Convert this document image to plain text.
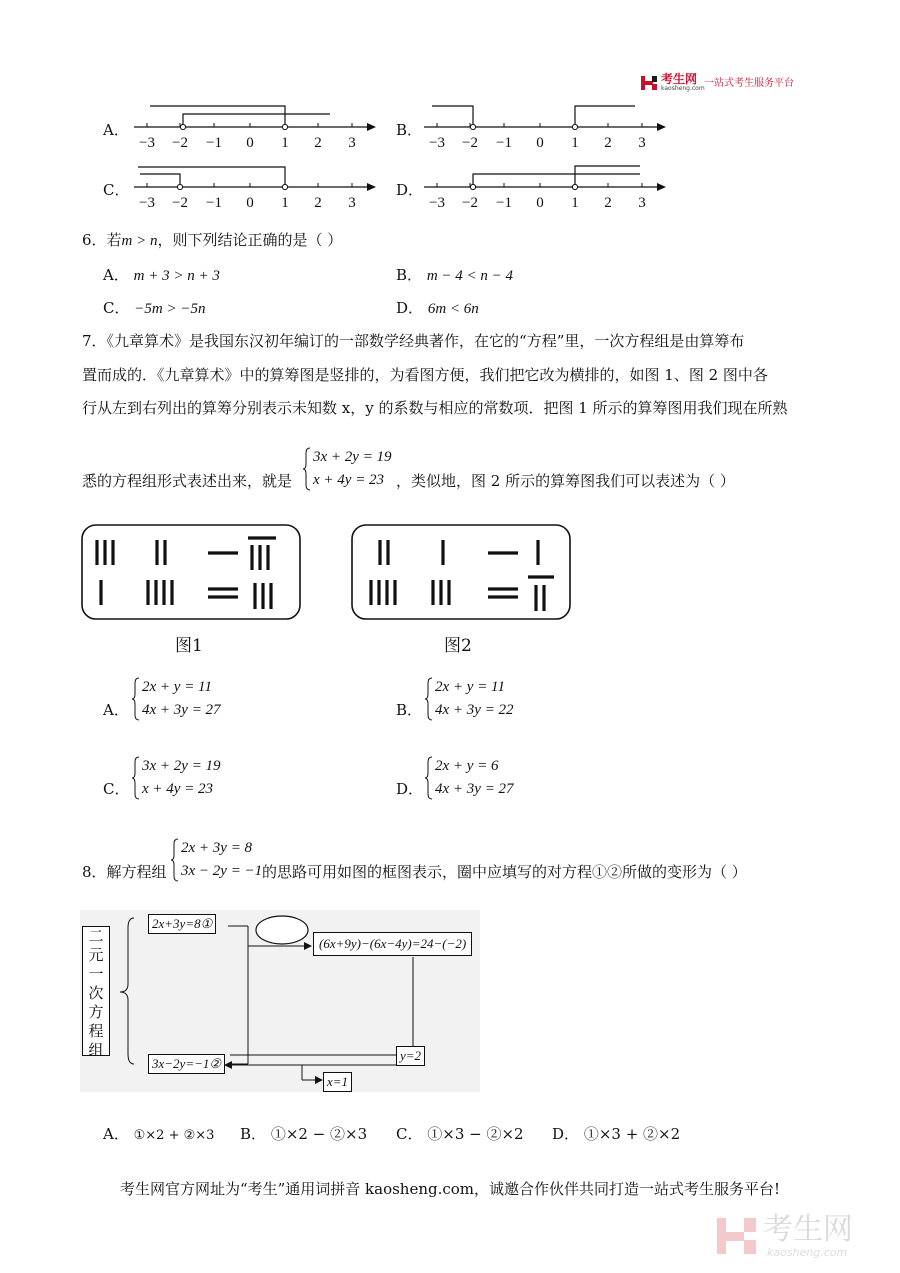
考生网
kaosheng.com 一站式考生服务平台
A．	B．
C．	D．
−3 −2 −1 0 1 2 3	−3 −2 −1 0 1 2 3
−3 −2 −1 0 1 2 3	−3 −2 −1 0 1 2 3
6．若m > n，则下列结论正确的是（ ）
A． m + 3 > n + 3	B． m − 4 < n − 4
C． −5m > −5n	D． 6m < 6n
7．《九章算术》是我国东汉初年编订的一部数学经典著作，在它的“方程”里，一次方程组是由算筹布
置而成的．《九章算术》中的算筹图是竖排的，为看图方便，我们把它改为横排的，如图 1、图 2 图中各
行从左到右列出的算筹分别表示未知数 x，y 的系数与相应的常数项．把图 1 所示的算筹图用我们现在所熟
悉的方程组形式表述出来，就是
3x + 2y = 19
x + 4y = 23 ，类似地，图 2 所示的算筹图我们可以表述为（ ）
图1	图2
A．
2x + y = 11
4x + 3y = 27	B．
2x + y = 11
4x + 3y = 22
C．
3x + 2y = 19
x + 4y = 23	D．
2x + y = 6
4x + 3y = 27
8．解方程组
2x + 3y = 8
3x − 2y = −1 的思路可用如图的框图表示，圈中应填写的对方程①②所做的变形为（ ）
二元一次方程组
2x+3y=8①
3x−2y=−1②
(6x+9y)−(6x−4y)=24−(−2)
y=2
x=1
A． ①×2 + ②×3 B． ①×2 − ②×3 C． ①×3 − ②×2 D． ①×3 + ②×2
考生网官方网址为“考生”通用词拼音 kaosheng.com，诚邀合作伙伴共同打造一站式考生服务平台!
考生网
kaosheng.com
